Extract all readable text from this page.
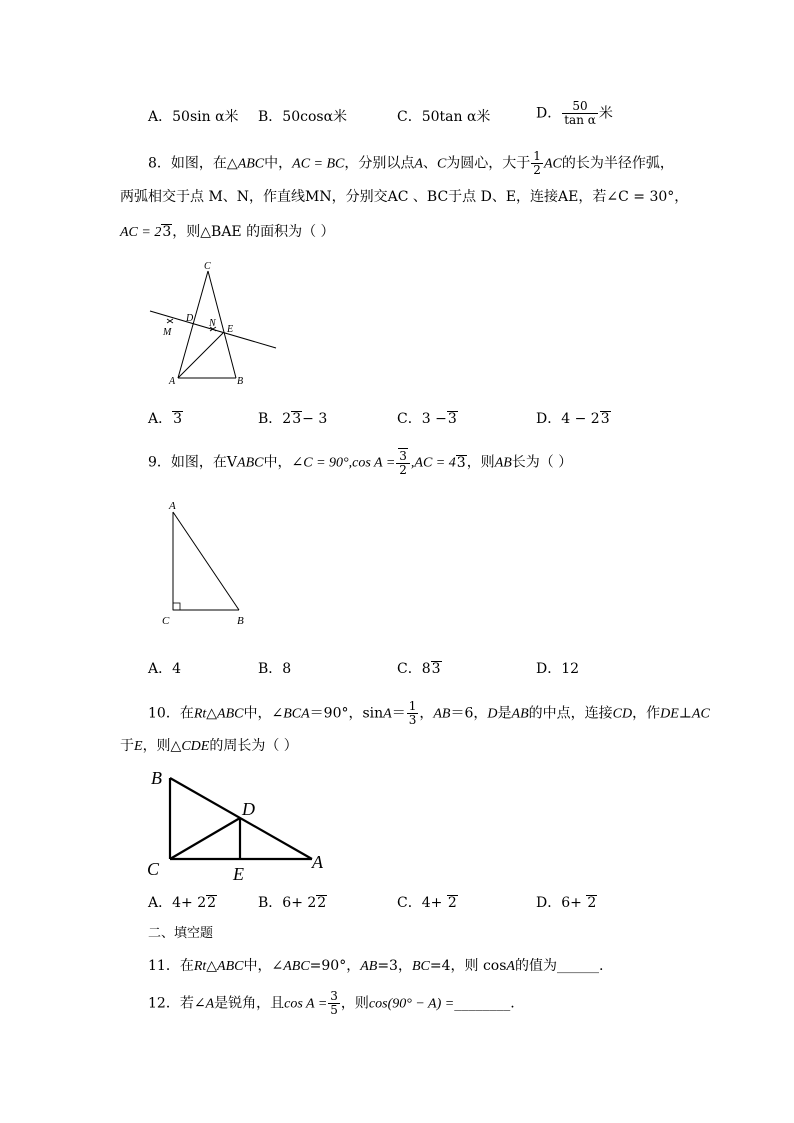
A．50sin α米 B．50cosα米	C．50tan α米	D． $\frac{50}{\text{tan α}}$ 米
8．如图，在△ABC中，AC = BC，分别以点A、C为圆心，大于 $\frac{1}{2}$ AC的长为半径作弧，
两弧相交于点 M、N，作直线MN，分别交AC 、BC于点 D、E，连接AE，若∠C = 30°，
AC = 23，则△BAE 的面积为（ ）
C
D N
E
M
A	B
A．3	B．23− 3	C．3 −3	D．4 − 23
9．如图，在VABC中，∠C = 90°,cos $A = \frac{3}{2} ,AC = 43$，则AB长为（ ）
A
C	B
A．4	B．8	C．83	D．12
10．在Rt△ABC中，∠BCA＝90°，$\sin A= \frac{1}{3}$ ，AB＝6，D是AB的中点，连接CD，作DE⊥AC
于E，则△CDE的周长为（ ）
B
D
C	E
A
A．4+ 22	B．6+ 22	C．4+ 2	D．6+ 2
二、填空题
11．在Rt△ABC中，∠ABC=90°，AB=3，BC=4，则 cosA的值为______.
12．若∠A是锐角，且$\cos A = \frac{3}{5}$ ，则cos(90° − A) =________.
